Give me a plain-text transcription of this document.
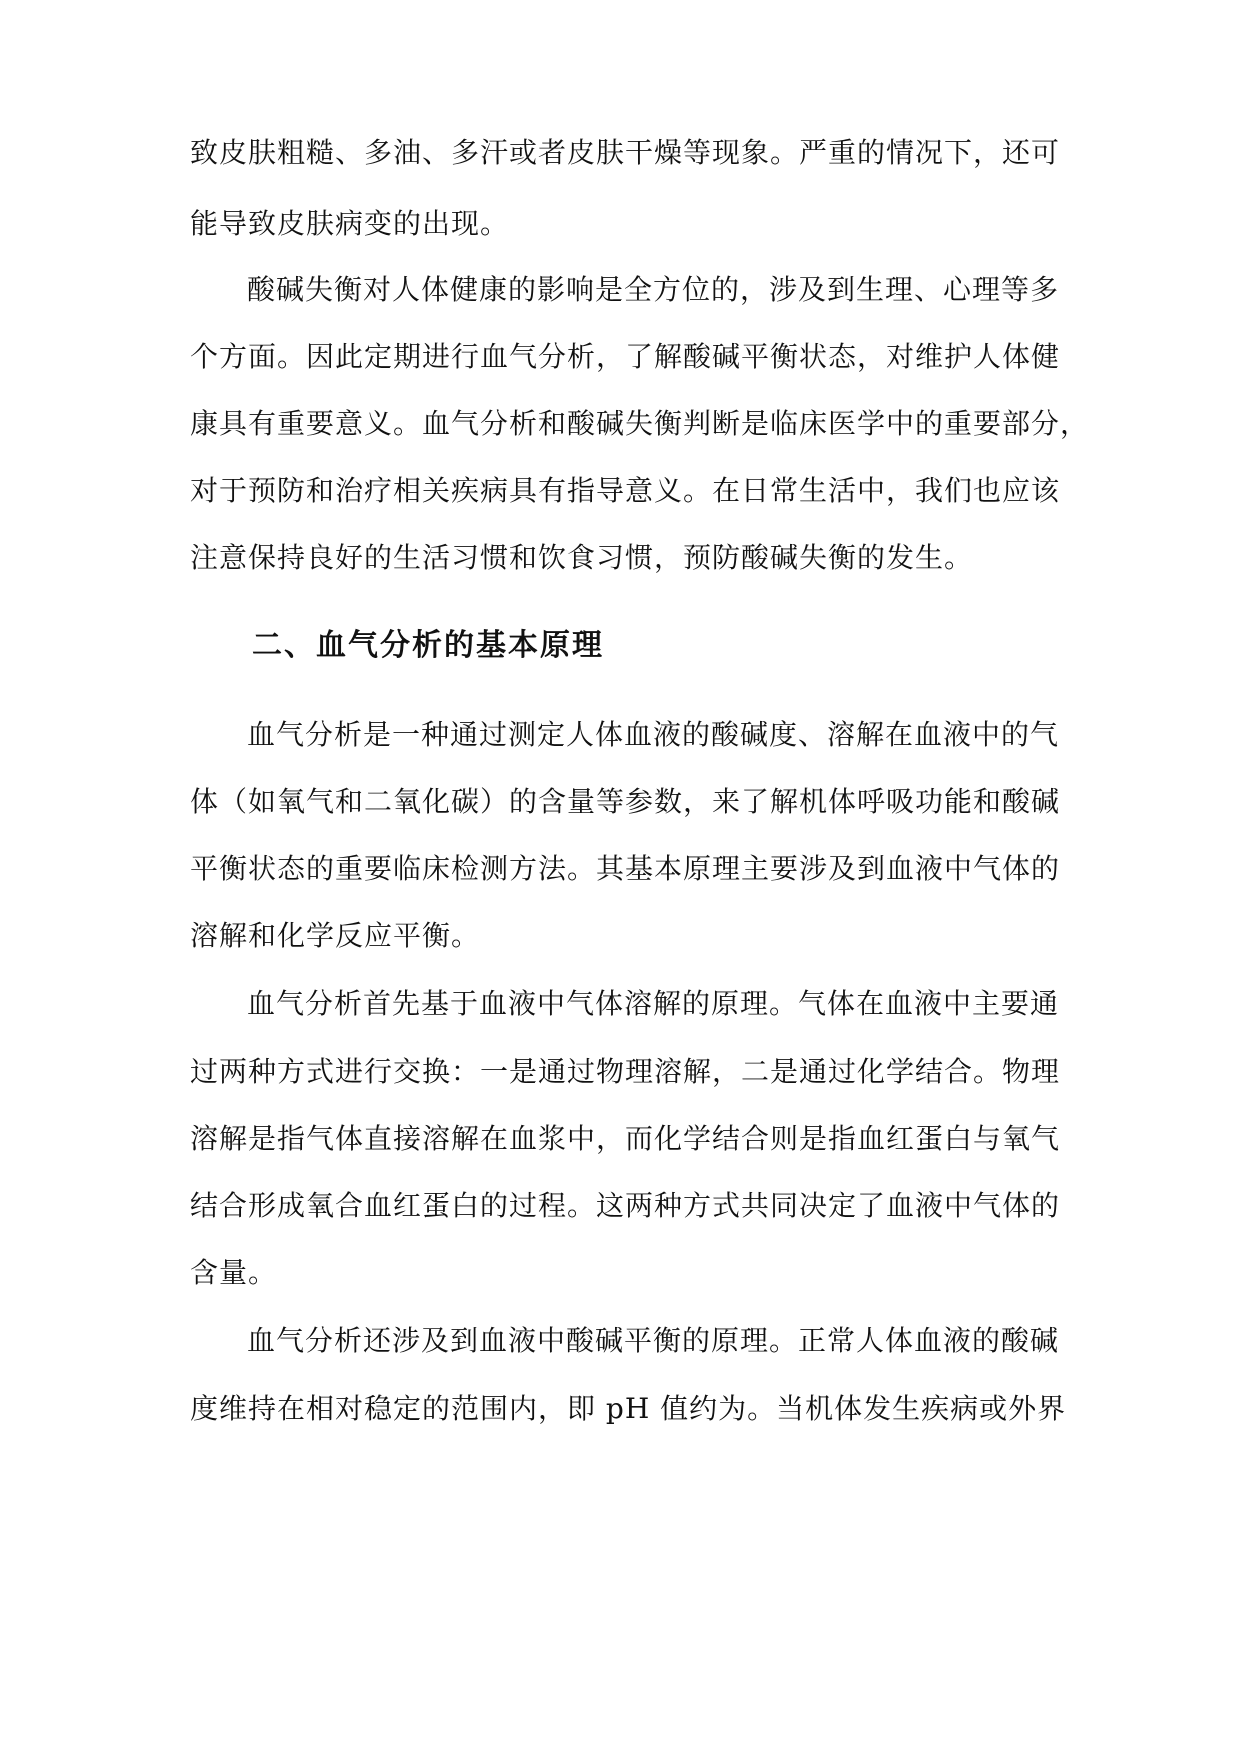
致皮肤粗糙、多油、多汗或者皮肤干燥等现象。严重的情况下，还可
能导致皮肤病变的出现。
酸碱失衡对人体健康的影响是全方位的，涉及到生理、心理等多
个方面。因此定期进行血气分析，了解酸碱平衡状态，对维护人体健
康具有重要意义。血气分析和酸碱失衡判断是临床医学中的重要部分，
对于预防和治疗相关疾病具有指导意义。在日常生活中，我们也应该
注意保持良好的生活习惯和饮食习惯，预防酸碱失衡的发生。
二、血气分析的基本原理
血气分析是一种通过测定人体血液的酸碱度、溶解在血液中的气
体（如氧气和二氧化碳）的含量等参数，来了解机体呼吸功能和酸碱
平衡状态的重要临床检测方法。其基本原理主要涉及到血液中气体的
溶解和化学反应平衡。
血气分析首先基于血液中气体溶解的原理。气体在血液中主要通
过两种方式进行交换：一是通过物理溶解，二是通过化学结合。物理
溶解是指气体直接溶解在血浆中，而化学结合则是指血红蛋白与氧气
结合形成氧合血红蛋白的过程。这两种方式共同决定了血液中气体的
含量。
血气分析还涉及到血液中酸碱平衡的原理。正常人体血液的酸碱
度维持在相对稳定的范围内，即 pH 值约为。当机体发生疾病或外界
